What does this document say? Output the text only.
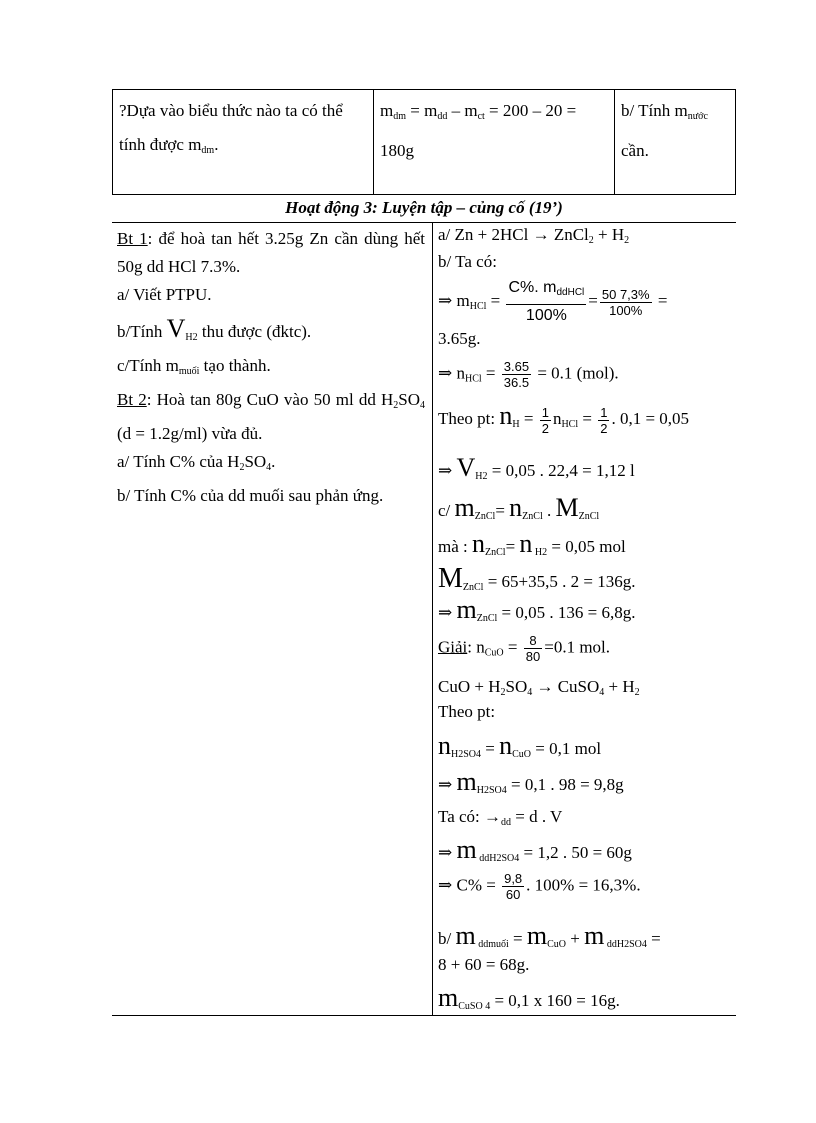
?Dựa vào biểu thức nào ta có thể tính được $m_{dm}$.	$m_{dm} = m_{dd} - m_{ct} = 200 - 20 = 180g$	b/ Tính $m_{nước}$ cần.
Hoạt động 3: Luyện tập – củng cố (19’)

Bt 1: để hoà tan hết 3.25g Zn cần dùng hết 50g dd HCl 7.3%.

a/ Viết PTPU.

b/Tính $V_{H2}$ thu được (đktc).

c/Tính $m_{muối}$ tạo thành.

Bt 2: Hoà tan 80g CuO vào 50 ml dd $H_2SO_4$ (d = 1.2g/ml) vừa đủ.

a/ Tính C% của $H_2SO_4$.

b/ Tính C% của dd muối sau phản ứng.

a/ Zn + 2HCl → ZnCl$_2$ + $H_2$
b/ Ta có:
⇒ $m_{HCl} = \frac{C\%. m_{ddHCl}}{100\%} = \frac{50 7,3\%}{100\%}$ =
3.65g.
⇒ $n_{HCl} = \frac{3.65}{36.5} = 0.1$ (mol).
Theo pt: $n_H = \frac{1}{2} n_{HCl} = \frac{1}{2}$ . 0,1 = 0,05
⇒ $V_{H2} = 0,05$ . 22,4 = 1,12 l
c/ $m_{ZnCl}= n_{ZnCl}$ . $M_{ZnCl}$
mà : $n_{ZnCl}= n$ $_{H2}$ = 0,05 mol
$M_{ZnCl} = 65+35,5$ . 2 = 136g.
⇒ $m_{ZnCl} = 0,05$ . 136 = 6,8g.
Giải: $n_{CuO} = \frac{8}{80} =0.1$ mol.
CuO + $H_2SO_4$ → CuSO$_4$ + $H_2$
Theo pt:
$n_{H2SO4} = n_{CuO} = 0,1$ mol
⇒ $m_{H2SO4} = 0,1$ . 98 = 9,8g
Ta có: $\to_{dd} = d$ . V
⇒ m $_{ddH2SO4}$ = 1,2 . 50 = 60g
⇒ $C\% = \frac{9,8}{60}$ . 100% = 16,3%.
b/ m $_{ddmuối} = m_{CuO} + m$ $_{ddH2SO4}$ =
8 + 60 = 68g.
$m_{CuSO 4} = 0,1$ x 160 = 16g.
